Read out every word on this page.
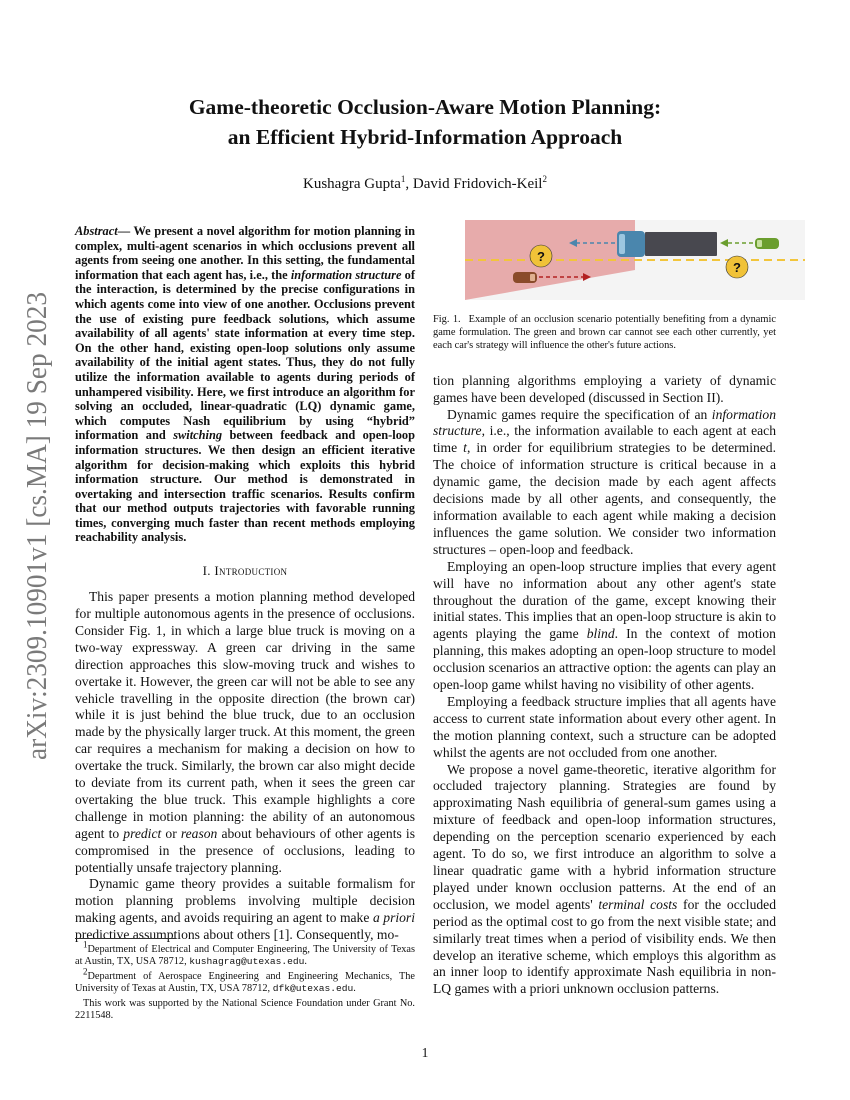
arXiv:2309.10901v1 [cs.MA] 19 Sep 2023
Game-theoretic Occlusion-Aware Motion Planning:
an Efficient Hybrid-Information Approach
Kushagra Gupta$^1$, David Fridovich-Keil$^2$
Abstract— We present a novel algorithm for motion planning in complex, multi-agent scenarios in which occlusions prevent all agents from seeing one another. In this setting, the fundamental information that each agent has, i.e., the information structure of the interaction, is determined by the precise configurations in which agents come into view of one another. Occlusions prevent the use of existing pure feedback solutions, which assume availability of all agents' state information at every time step. On the other hand, existing open-loop solutions only assume availability of the initial agent states. Thus, they do not fully utilize the information available to agents during periods of unhampered visibility. Here, we first introduce an algorithm for solving an occluded, linear-quadratic (LQ) dynamic game, which computes Nash equilibrium by using “hybrid” information and switching between feedback and open-loop information structures. We then design an efficient iterative algorithm for decision-making which exploits this hybrid information structure. Our method is demonstrated in overtaking and intersection traffic scenarios. Results confirm that our method outputs trajectories with favorable running times, converging much faster than recent methods employing reachability analysis.
I. Introduction

This paper presents a motion planning method developed for multiple autonomous agents in the presence of occlusions. Consider Fig. 1, in which a large blue truck is moving on a two-way expressway. A green car driving in the same direction approaches this slow-moving truck and wishes to overtake it. However, the green car will not be able to see any vehicle travelling in the opposite direction (the brown car) while it is just behind the blue truck, due to an occlusion made by the physically larger truck. At this moment, the green car requires a mechanism for making a decision on how to overtake the truck. Similarly, the brown car also might decide to deviate from its current path, when it sees the green car overtaking the blue truck. This example highlights a core challenge in motion planning: the ability of an autonomous agent to predict or reason about behaviours of other agents is compromised in the presence of occlusions, leading to potentially unsafe trajectory planning.

Dynamic game theory provides a suitable formalism for motion planning problems involving multiple decision making agents, and avoids requiring an agent to make a priori predictive assumptions about others [1]. Consequently, mo-

$^1$Department of Electrical and Computer Engineering, The University of Texas at Austin, TX, USA 78712, kushagrag@utexas.edu.

$^2$Department of Aerospace Engineering and Engineering Mechanics, The University of Texas at Austin, TX, USA 78712, dfk@utexas.edu.

This work was supported by the National Science Foundation under Grant No. 2211548.

?
?
Fig. 1. Example of an occlusion scenario potentially benefiting from a dynamic game formulation. The green and brown car cannot see each other currently, yet each car's strategy will influence the other's future actions.

tion planning algorithms employing a variety of dynamic games have been developed (discussed in Section II).

Dynamic games require the specification of an information structure, i.e., the information available to each agent at each time t, in order for equilibrium strategies to be determined. The choice of information structure is critical because in a dynamic game, the decision made by each agent affects decisions made by all other agents, and consequently, the information available to each agent while making a decision influences the game solution. We consider two information structures – open-loop and feedback.

Employing an open-loop structure implies that every agent will have no information about any other agent's state throughout the duration of the game, except knowing their initial states. This implies that an open-loop structure is akin to agents playing the game blind. In the context of motion planning, this makes adopting an open-loop structure to model occlusion scenarios an attractive option: the agents can play an open-loop game whilst having no visibility of other agents.

Employing a feedback structure implies that all agents have access to current state information about every other agent. In the motion planning context, such a structure can be adopted whilst the agents are not occluded from one another.

We propose a novel game-theoretic, iterative algorithm for occluded trajectory planning. Strategies are found by approximating Nash equilibria of general-sum games using a mixture of feedback and open-loop information structures, depending on the perception scenario experienced by each agent. To do so, we first introduce an algorithm to solve a linear quadratic game with a hybrid information structure played under known occlusion patterns. At the end of an occlusion, we model agents' terminal costs for the occluded period as the optimal cost to go from the next visible state; and similarly treat times when a period of visibility ends. We then develop an iterative scheme, which employs this algorithm as an inner loop to identify approximate Nash equilibria in non-LQ games with a priori unknown occlusion patterns.

1
